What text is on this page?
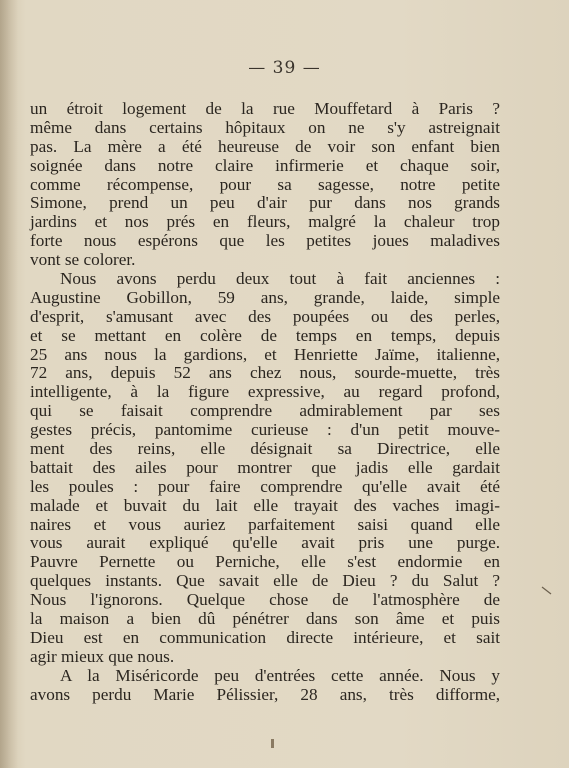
— 39 —
un étroit logement de la rue Mouffetard à Paris ?
même dans certains hôpitaux on ne s'y astreignait
pas. La mère a été heureuse de voir son enfant bien
soignée dans notre claire infirmerie et chaque soir,
comme récompense, pour sa sagesse, notre petite
Simone, prend un peu d'air pur dans nos grands
jardins et nos prés en fleurs, malgré la chaleur trop
forte nous espérons que les petites joues maladives
vont se colorer.
Nous avons perdu deux tout à fait anciennes :
Augustine Gobillon, 59 ans, grande, laide, simple
d'esprit, s'amusant avec des poupées ou des perles,
et se mettant en colère de temps en temps, depuis
25 ans nous la gardions, et Henriette Jaïme, italienne,
72 ans, depuis 52 ans chez nous, sourde-muette, très
intelligente, à la figure expressive, au regard profond,
qui se faisait comprendre admirablement par ses
gestes précis, pantomime curieuse : d'un petit mouve-
ment des reins, elle désignait sa Directrice, elle
battait des ailes pour montrer que jadis elle gardait
les poules : pour faire comprendre qu'elle avait été
malade et buvait du lait elle trayait des vaches imagi-
naires et vous auriez parfaitement saisi quand elle
vous aurait expliqué qu'elle avait pris une purge.
Pauvre Pernette ou Perniche, elle s'est endormie en
quelques instants. Que savait elle de Dieu ? du Salut ?
Nous l'ignorons. Quelque chose de l'atmosphère de
la maison a bien dû pénétrer dans son âme et puis
Dieu est en communication directe intérieure, et sait
agir mieux que nous.
A la Miséricorde peu d'entrées cette année. Nous y
avons perdu Marie Pélissier, 28 ans, très difforme,
